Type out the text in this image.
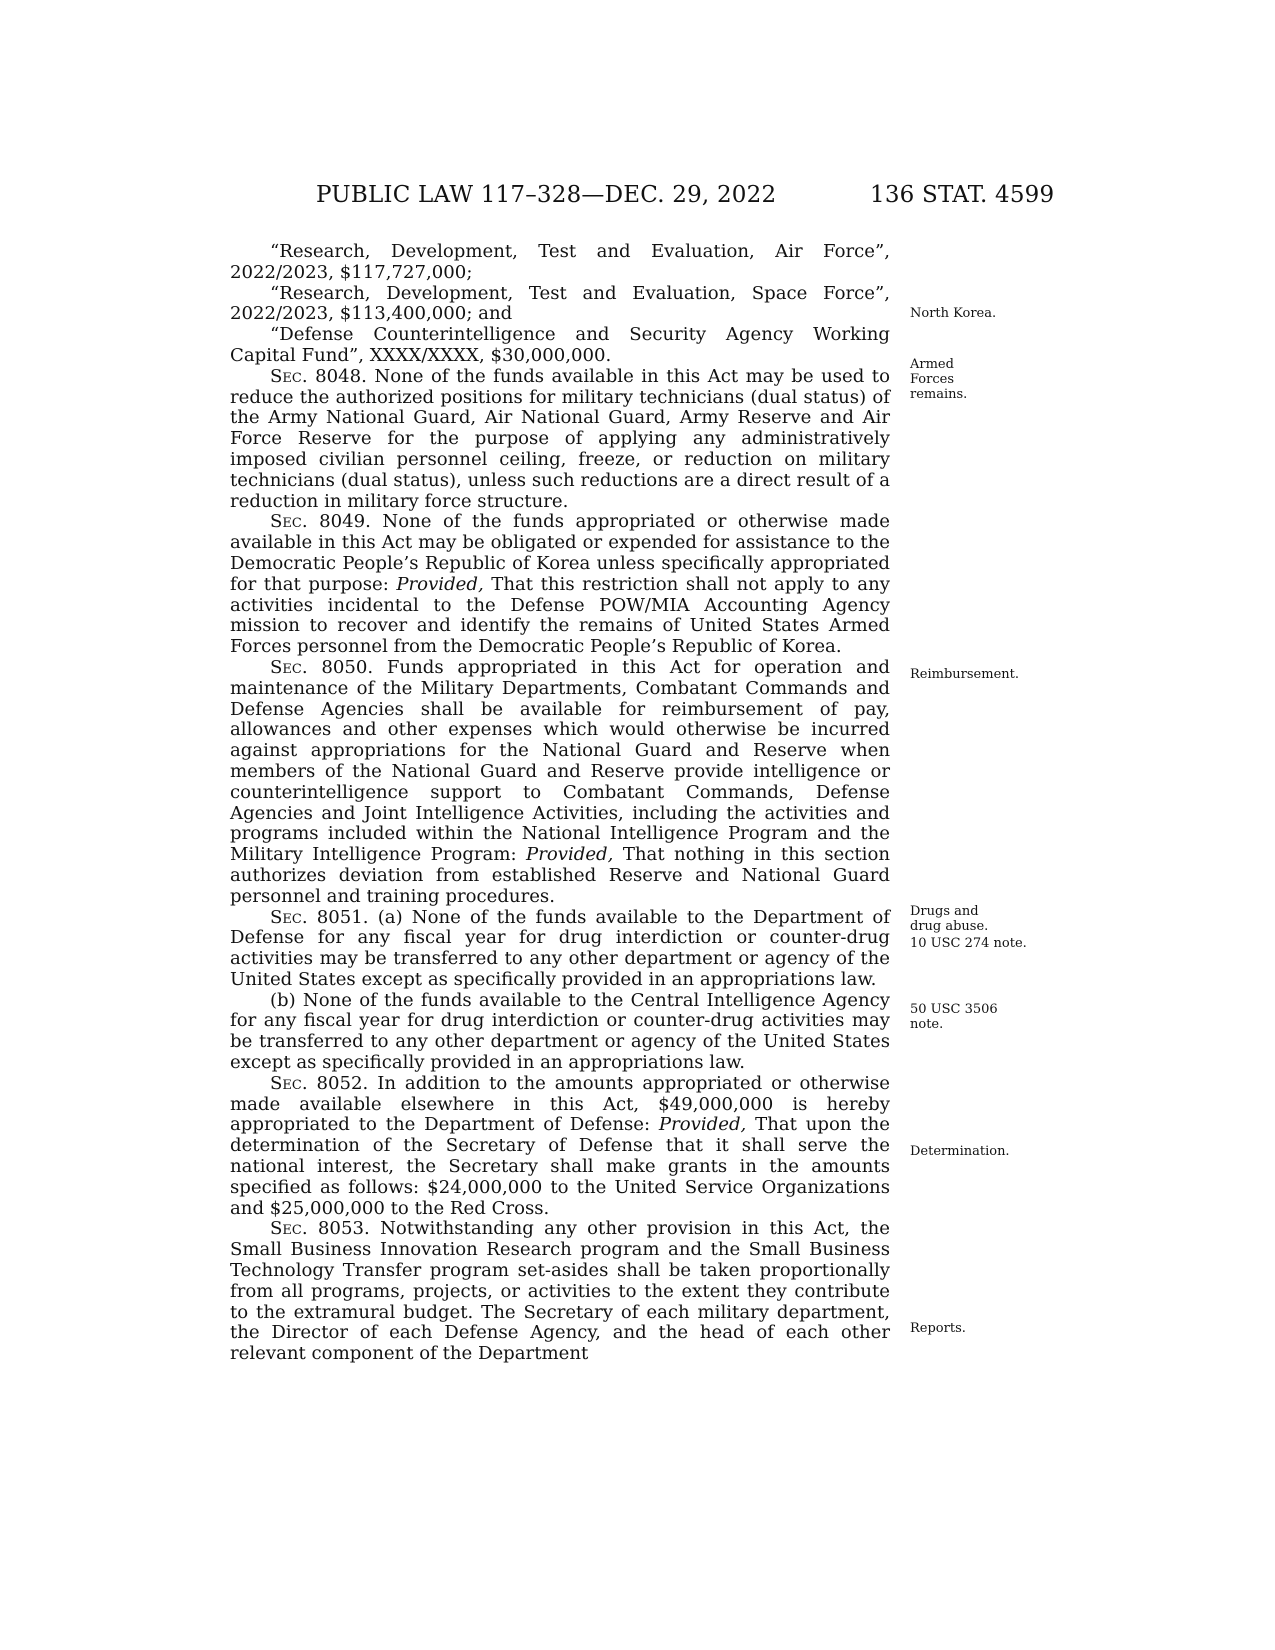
PUBLIC LAW 117–328—DEC. 29, 2022	136 STAT. 4599

“Research, Development, Test and Evaluation, Air Force”, 2022/2023, $117,727,000;

“Research, Development, Test and Evaluation, Space Force”, 2022/2023, $113,400,000; and

“Defense Counterintelligence and Security Agency Working Capital Fund”, XXXX/XXXX, $30,000,000.

Sec. 8048. None of the funds available in this Act may be used to reduce the authorized positions for military technicians (dual status) of the Army National Guard, Air National Guard, Army Reserve and Air Force Reserve for the purpose of applying any administratively imposed civilian personnel ceiling, freeze, or reduction on military technicians (dual status), unless such reductions are a direct result of a reduction in military force structure.

Sec. 8049. None of the funds appropriated or otherwise made available in this Act may be obligated or expended for assistance to the Democratic People’s Republic of Korea unless specifically appropriated for that purpose: Provided, That this restriction shall not apply to any activities incidental to the Defense POW/MIA Accounting Agency mission to recover and identify the remains of United States Armed Forces personnel from the Democratic People’s Republic of Korea.

Sec. 8050. Funds appropriated in this Act for operation and maintenance of the Military Departments, Combatant Commands and Defense Agencies shall be available for reimbursement of pay, allowances and other expenses which would otherwise be incurred against appropriations for the National Guard and Reserve when members of the National Guard and Reserve provide intelligence or counterintelligence support to Combatant Commands, Defense Agencies and Joint Intelligence Activities, including the activities and programs included within the National Intelligence Program and the Military Intelligence Program: Provided, That nothing in this section authorizes deviation from established Reserve and National Guard personnel and training procedures.

Sec. 8051. (a) None of the funds available to the Department of Defense for any fiscal year for drug interdiction or counter-drug activities may be transferred to any other department or agency of the United States except as specifically provided in an appropriations law.

(b) None of the funds available to the Central Intelligence Agency for any fiscal year for drug interdiction or counter-drug activities may be transferred to any other department or agency of the United States except as specifically provided in an appropriations law.

Sec. 8052. In addition to the amounts appropriated or otherwise made available elsewhere in this Act, $49,000,000 is hereby appropriated to the Department of Defense: Provided, That upon the determination of the Secretary of Defense that it shall serve the national interest, the Secretary shall make grants in the amounts specified as follows: $24,000,000 to the United Service Organizations and $25,000,000 to the Red Cross.

Sec. 8053. Notwithstanding any other provision in this Act, the Small Business Innovation Research program and the Small Business Technology Transfer program set-asides shall be taken proportionally from all programs, projects, or activities to the extent they contribute to the extramural budget. The Secretary of each military department, the Director of each Defense Agency, and the head of each other relevant component of the Department

North Korea.
Armed Forces remains.
Reimbursement.
Drugs and drug abuse.
10 USC 274 note.
50 USC 3506 note.
Determination.
Reports.
